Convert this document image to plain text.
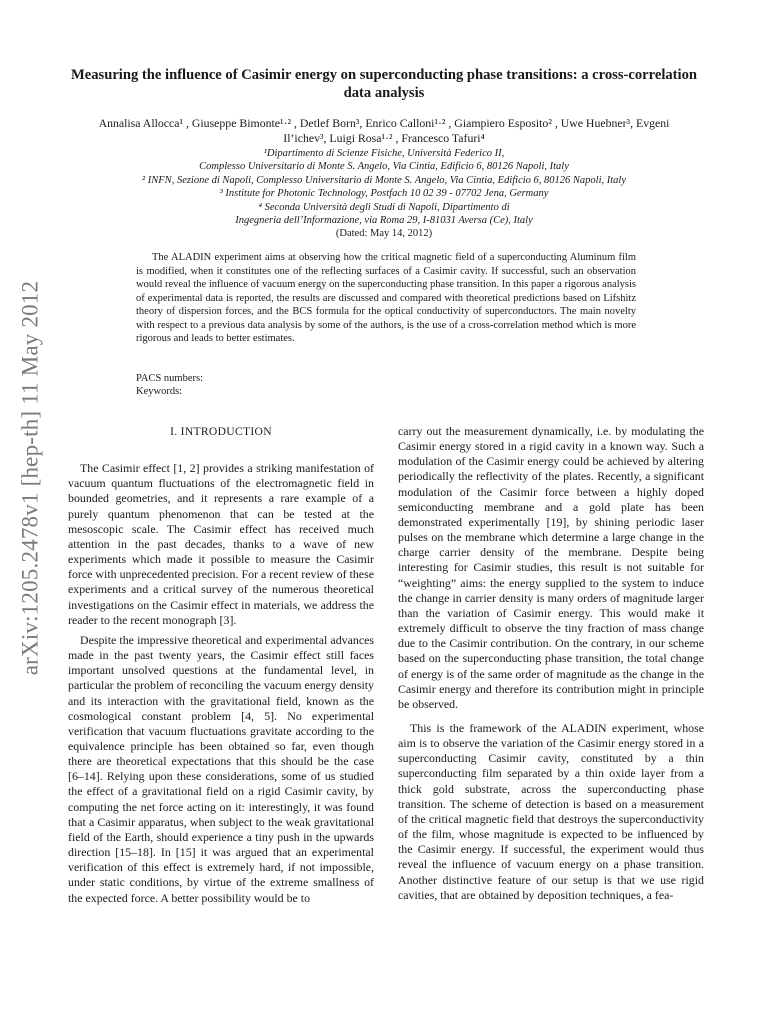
arXiv:1205.2478v1 [hep-th] 11 May 2012
Measuring the influence of Casimir energy on superconducting phase transitions: a cross-correlation data analysis
Annalisa Allocca¹ , Giuseppe Bimonte¹·² , Detlef Born³, Enrico Calloni¹·² , Giampiero Esposito² , Uwe Huebner³, Evgeni Il’ichev³, Luigi Rosa¹·² , Francesco Tafuri⁴

¹Dipartimento di Scienze Fisiche, Università Federico II,

Complesso Universitario di Monte S. Angelo, Via Cintia, Edificio 6, 80126 Napoli, Italy

² INFN, Sezione di Napoli, Complesso Universitario di Monte S. Angelo, Via Cintia, Edificio 6, 80126 Napoli, Italy

³ Institute for Photonic Technology, Postfach 10 02 39 - 07702 Jena, Germany

⁴ Seconda Università degli Studi di Napoli, Dipartimento di

Ingegneria dell’Informazione, via Roma 29, I-81031 Aversa (Ce), Italy

(Dated: May 14, 2012)

The ALADIN experiment aims at observing how the critical magnetic field of a superconducting Aluminum film is modified, when it constitutes one of the reflecting surfaces of a Casimir cavity. If successful, such an observation would reveal the influence of vacuum energy on the superconducting phase transition. In this paper a rigorous analysis of experimental data is reported, the results are discussed and compared with theoretical predictions based on Lifshitz theory of dispersion forces, and the BCS formula for the optical conductivity of superconductors. The main novelty with respect to a previous data analysis by some of the authors, is the use of a cross-correlation method which is more rigorous and leads to better estimates.

PACS numbers:
Keywords:
I. INTRODUCTION

The Casimir effect [1, 2] provides a striking manifestation of vacuum quantum fluctuations of the electromagnetic field in bounded geometries, and it represents a rare example of a purely quantum phenomenon that can be tested at the mesoscopic scale. The Casimir effect has received much attention in the past decades, thanks to a wave of new experiments which made it possible to measure the Casimir force with unprecedented precision. For a recent review of these experiments and a critical survey of the numerous theoretical investigations on the Casimir effect in materials, we address the reader to the recent monograph [3].

Despite the impressive theoretical and experimental advances made in the past twenty years, the Casimir effect still faces important unsolved questions at the fundamental level, in particular the problem of reconciling the vacuum energy density and its interaction with the gravitational field, known as the cosmological constant problem [4, 5]. No experimental verification that vacuum fluctuations gravitate according to the equivalence principle has been obtained so far, even though there are theoretical expectations that this should be the case [6–14]. Relying upon these considerations, some of us studied the effect of a gravitational field on a rigid Casimir cavity, by computing the net force acting on it: interestingly, it was found that a Casimir apparatus, when subject to the weak gravitational field of the Earth, should experience a tiny push in the upwards direction [15–18]. In [15] it was argued that an experimental verification of this effect is extremely hard, if not impossible, under static conditions, by virtue of the extreme smallness of the expected force. A better possibility would be to

carry out the measurement dynamically, i.e. by modulating the Casimir energy stored in a rigid cavity in a known way. Such a modulation of the Casimir energy could be achieved by altering periodically the reflectivity of the plates. Recently, a significant modulation of the Casimir force between a highly doped semiconducting membrane and a gold plate has been demonstrated experimentally [19], by shining periodic laser pulses on the membrane which determine a large change in the charge carrier density of the membrane. Despite being interesting for Casimir studies, this result is not suitable for “weighting” aims: the energy supplied to the system to induce the change in carrier density is many orders of magnitude larger than the variation of Casimir energy. This would make it extremely difficult to observe the tiny fraction of mass change due to the Casimir contribution. On the contrary, in our scheme based on the superconducting phase transition, the total change of energy is of the same order of magnitude as the change in the Casimir energy and therefore its contribution might in principle be observed.

This is the framework of the ALADIN experiment, whose aim is to observe the variation of the Casimir energy stored in a superconducting Casimir cavity, constituted by a thin superconducting film separated by a thin oxide layer from a thick gold substrate, across the superconducting phase transition. The scheme of detection is based on a measurement of the critical magnetic field that destroys the superconductivity of the film, whose magnitude is expected to be influenced by the Casimir energy. If successful, the experiment would thus reveal the influence of vacuum energy on a phase transition. Another distinctive feature of our setup is that we use rigid cavities, that are obtained by deposition techniques, a fea-
